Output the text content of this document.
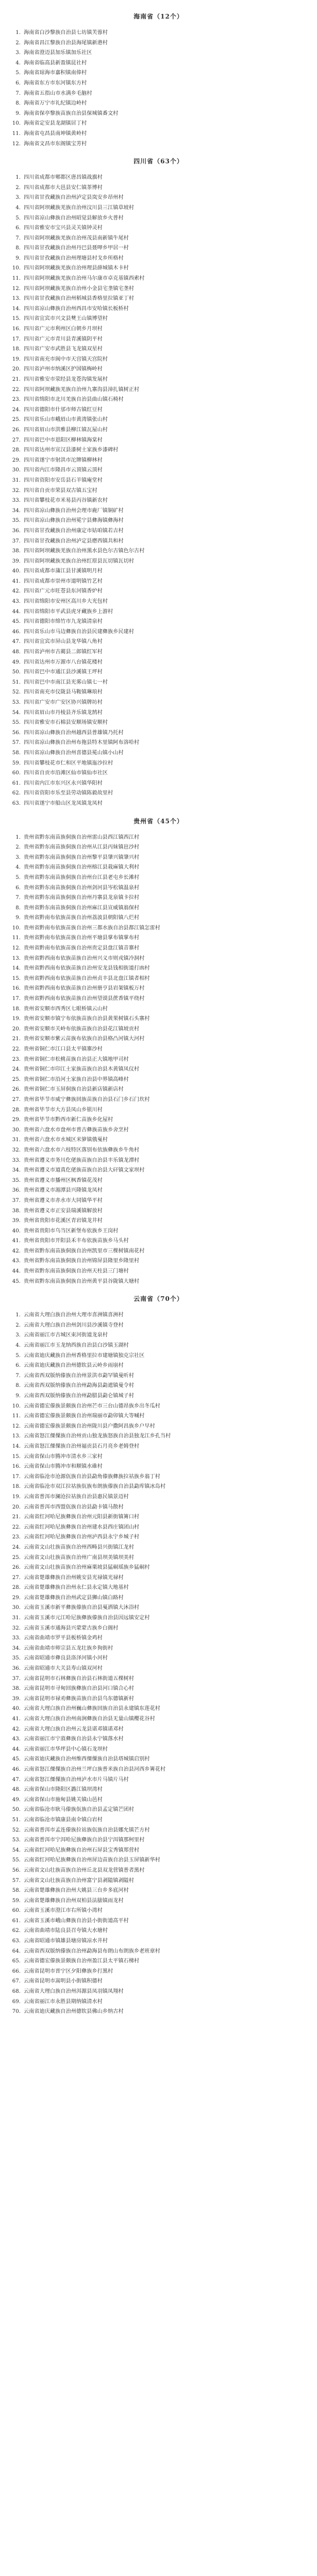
海南省（12个）
1. 海南省白沙黎族自治县七坊镇芙蓉村
2. 海南省昌江黎族自治县海尾镇新港村
3. 海南省澄迈县加乐镇加乐社区
4. 海南省临高县新盈镇昆社村
5. 海南省琼海市嘉积镇南俸村
6. 海南省东方市东河镇东方村
7. 海南省五指山市水满乡毛脑村
8. 海南省万宁市礼纪镇边岭村
9. 海南省保亭黎族苗族自治县保城镇番文村
10. 海南省定安县龙湖镇居丁村
11. 海南省屯昌县南坤镇黄岭村
12. 海南省文昌市东阁镇宝芳村
四川省（63个）
1. 四川省成都市郫都区唐昌镇战旗村
2. 四川省成都市大邑县安仁镇茶博村
3. 四川省甘孜藏族自治州泸定县岚安乡昂州村
4. 四川省阿坝藏族羌族自治州汶川县三江镇草坡村
5. 四川省凉山彝族自治州昭觉县解放乡火普村
6. 四川省雅安市宝兴县灵关镇钟灵村
7. 四川省阿坝藏族羌族自治州茂县南新镇牛尾村
8. 四川省甘孜藏族自治州丹巴县聂呷乡甲居一村
9. 四川省甘孜藏族自治州理塘县村戈乡所格村
10. 四川省阿坝藏族羌族自治州理县薛城镇木卡村
11. 四川省阿坝藏族羌族自治州马尔康市卓克基镇西索村
12. 四川省阿坝藏族羌族自治州小金县宅垄镇宅垄村
13. 四川省甘孜藏族自治州稻城县香格里拉镇亚丁村
14. 四川省凉山彝族自治州西昌市安哈镇长板桥村
15. 四川省宜宾市兴文县僰王山镇博望村
16. 四川省广元市利州区白朝乡月坝村
17. 四川省广元市青川县青溪镇阴平村
18. 四川省广安市武胜县飞龙镇双星村
19. 四川省南充市阆中市天宫镇天宫院村
20. 四川省泸州市纳溪区护国镇梅岭村
21. 四川省雅安市荥经县龙苍沟镇发展村
22. 四川省阿坝藏族羌族自治州九寨沟县漳扎镇树正村
23. 四川省绵阳市北川羌族自治县曲山镇石椅村
24. 四川省德阳市什邡市师古镇红豆村
25. 四川省乐山市峨眉山市黄湾镇张山村
26. 四川省眉山市洪雅县柳江镇瓦屋山村
27. 四川省巴中市恩阳区柳林镇海棠村
28. 四川省达州市宣汉县漆树土家族乡漆碑村
29. 四川省遂宁市射洪市沱牌镇柳林村
30. 四川省内江市隆昌市云顶镇云顶村
31. 四川省资阳市安岳县石羊镇庵堂村
32. 四川省自贡市荣县双古镇五宝村
33. 四川省攀枝花市米易县丙谷镇新农村
34. 四川省凉山彝族自治州会理市鹿厂镇铜矿村
35. 四川省凉山彝族自治州冕宁县彝海镇彝海村
36. 四川省甘孜藏族自治州康定市姑咱镇若吉村
37. 四川省甘孜藏族自治州泸定县磨西镇共和村
38. 四川省阿坝藏族羌族自治州黑水县色尔古镇色尔古村
39. 四川省阿坝藏族羌族自治州红原县瓦切镇瓦切村
40. 四川省成都市蒲江县甘溪镇明月村
41. 四川省成都市崇州市道明镇竹艺村
42. 四川省广元市旺苍县东河镇香炉村
43. 四川省绵阳市安州区高川乡大光包村
44. 四川省绵阳市平武县虎牙藏族乡上游村
45. 四川省德阳市绵竹市九龙镇清泉村
46. 四川省乐山市马边彝族自治县民建彝族乡民建村
47. 四川省宜宾市屏山县龙华镇八角村
48. 四川省泸州市古蔺县二郎镇红军村
49. 四川省达州市万源市八台镇花楼村
50. 四川省巴中市通江县沙溪镇王坪村
51. 四川省巴中市南江县光雾山镇七一村
52. 四川省南充市仪陇县马鞍镇琳琅村
53. 四川省广安市广安区协兴镇牌坊村
54. 四川省眉山市丹棱县齐乐镇龙鹄村
55. 四川省雅安市石棉县安顺场镇安顺村
56. 四川省凉山彝族自治州越西县普雄镇乃托村
57. 四川省凉山彝族自治州布拖县特木里镇阿布洛哈村
58. 四川省凉山彝族自治州喜德县冕山镇小山村
59. 四川省攀枝花市仁和区平地镇迤沙拉村
60. 四川省自贡市沿滩区仙市镇仙市社区
61. 四川省内江市东兴区永兴镇华阳村
62. 四川省资阳市乐至县劳动镇陈毅故里村
63. 四川省遂宁市船山区龙凤镇龙凤村
贵州省（45个）
1. 贵州省黔东南苗族侗族自治州雷山县西江镇西江村
2. 贵州省黔东南苗族侗族自治州从江县丙妹镇岜沙村
3. 贵州省黔东南苗族侗族自治州黎平县肇兴镇肇兴村
4. 贵州省黔东南苗族侗族自治州榕江县栽麻镇大利村
5. 贵州省黔东南苗族侗族自治州台江县老屯乡长滩村
6. 贵州省黔东南苗族侗族自治州剑河县岑松镇温泉村
7. 贵州省黔东南苗族侗族自治州丹寨县龙泉镇卡拉村
8. 贵州省黔东南苗族侗族自治州麻江县宣威镇翁保村
9. 贵州省黔南布依族苗族自治州荔波县朝阳镇八烂村
10. 贵州省黔南布依族苗族自治州三都水族自治县都江镇怎雷村
11. 贵州省黔南布依族苗族自治州平塘县掌布镇掌布村
12. 贵州省黔南布依族苗族自治州贵定县盘江镇音寨村
13. 贵州省黔西南布依族苗族自治州兴义市则戎镇冷洞村
14. 贵州省黔西南布依族苗族自治州安龙县钱相街道打凼村
15. 贵州省黔西南布依族苗族自治州贞丰县北盘江镇者相村
16. 贵州省黔西南布依族苗族自治州册亨县岩架镇板万村
17. 贵州省黔西南布依族苗族自治州望谟县蔗香镇平绕村
18. 贵州省安顺市西秀区七眼桥镇云山村
19. 贵州省安顺市镇宁布依族苗族自治县黄果树镇石头寨村
20. 贵州省安顺市关岭布依族苗族自治县花江镇坡贡村
21. 贵州省安顺市紫云苗族布依族自治县格凸河镇大河村
22. 贵州省铜仁市江口县太平镇寨沙村
23. 贵州省铜仁市松桃苗族自治县正大镇地甲司村
24. 贵州省铜仁市印江土家族苗族自治县木黄镇凤仪村
25. 贵州省铜仁市沿河土家族自治县中界镇高峰村
26. 贵州省铜仁市玉屏侗族自治县新店镇新店村
27. 贵州省毕节市威宁彝族回族苗族自治县石门乡石门坎村
28. 贵州省毕节市大方县凤山乡银川村
29. 贵州省毕节市黔西市新仁苗族乡化屋村
30. 贵州省六盘水市盘州市普古彝族苗族乡舍烹村
31. 贵州省六盘水市水城区米箩镇俄戛村
32. 贵州省六盘水市六枝特区落别布依族彝族乡牛角村
33. 贵州省遵义市务川仡佬族苗族自治县丰乐镇龙潭村
34. 贵州省遵义市道真仡佬族苗族自治县大矸镇文家坝村
35. 贵州省遵义市播州区枫香镇花茂村
36. 贵州省遵义市湄潭县兴隆镇龙凤村
37. 贵州省遵义市赤水市大同镇华平村
38. 贵州省遵义市正安县瑞溪镇解放村
39. 贵州省贵阳市花溪区青岩镇龙井村
40. 贵州省贵阳市乌当区新堡布依族乡王岗村
41. 贵州省贵阳市开阳县禾丰布依族苗族乡马头村
42. 贵州省黔东南苗族侗族自治州凯里市三棵树镇南花村
43. 贵州省黔东南苗族侗族自治州锦屏县隆里乡隆里村
44. 贵州省黔东南苗族侗族自治州天柱县三门塘村
45. 贵州省黔东南苗族侗族自治州黄平县谷陇镇大塘村
云南省（70个）
1. 云南省大理白族自治州大理市喜洲镇喜洲村
2. 云南省大理白族自治州剑川县沙溪镇寺登村
3. 云南省丽江市古城区束河街道龙泉村
4. 云南省丽江市玉龙纳西族自治县白沙镇玉湖村
5. 云南省迪庆藏族自治州香格里拉市建塘镇独克宗社区
6. 云南省迪庆藏族自治州德钦县云岭乡雨崩村
7. 云南省西双版纳傣族自治州景洪市勐罕镇曼听村
8. 云南省西双版纳傣族自治州勐海县勐遮镇曼令村
9. 云南省西双版纳傣族自治州勐腊县勐仑镇城子村
10. 云南省德宏傣族景颇族自治州芒市三台山德昂族乡出冬瓜村
11. 云南省德宏傣族景颇族自治州瑞丽市勐卯镇大等喊村
12. 云南省德宏傣族景颇族自治州陇川县户撒阿昌族乡户早村
13. 云南省怒江傈僳族自治州贡山独龙族怒族自治县独龙江乡孔当村
14. 云南省怒江傈僳族自治州福贡县石月亮乡老姆登村
15. 云南省保山市腾冲市清水乡三家村
16. 云南省保山市腾冲市和顺镇水碓村
17. 云南省临沧市沧源佤族自治县勐角傣族彝族拉祜族乡翁丁村
18. 云南省临沧市双江拉祜族佤族布朗族傣族自治县勐库镇冰岛村
19. 云南省普洱市澜沧拉祜族自治县惠民镇景迈村
20. 云南省普洱市西盟佤族自治县勐卡镇马散村
21. 云南省红河哈尼族彝族自治州元阳县新街镇箐口村
22. 云南省红河哈尼族彝族自治州建水县西庄镇团山村
23. 云南省红河哈尼族彝族自治州泸西县永宁乡城子村
24. 云南省文山壮族苗族自治州西畴县兴街镇江龙村
25. 云南省文山壮族苗族自治州广南县坝美镇坝美村
26. 云南省文山壮族苗族自治州麻栗坡县猛硐瑶族乡猛硐村
27. 云南省楚雄彝族自治州姚安县光禄镇光禄村
28. 云南省楚雄彝族自治州永仁县永定镇大地基村
29. 云南省楚雄彝族自治州武定县狮山镇白路村
30. 云南省玉溪市新平彝族傣族自治县戛洒镇大沐浴村
31. 云南省玉溪市元江哈尼族彝族傣族自治县因远镇安定村
32. 云南省玉溪市通海县兴蒙蒙古族乡白阁村
33. 云南省曲靖市罗平县板桥镇金鸡村
34. 云南省曲靖市师宗县五龙壮族乡狗街村
35. 云南省昭通市彝良县洛泽河镇小河村
36. 云南省昭通市大关县寿山镇双河村
37. 云南省昆明市石林彝族自治县石林街道五棵树村
38. 云南省昆明市寻甸回族彝族自治县河口镇合心村
39. 云南省昆明市禄劝彝族苗族自治县乌东德镇新村
40. 云南省大理白族自治州巍山彝族回族自治县永建镇东莲花村
41. 云南省大理白族自治州南涧彝族自治县无量山镇樱花谷村
42. 云南省大理白族自治州云龙县诺邓镇诺邓村
43. 云南省丽江市宁蒗彝族自治县永宁镇落水村
44. 云南省丽江市华坪县中心镇石龙坝村
45. 云南省迪庆藏族自治州维西傈僳族自治县塔城镇启别村
46. 云南省怒江傈僳族自治州兰坪白族普米族自治县河西乡箐花村
47. 云南省怒江傈僳族自治州泸水市片马镇片马村
48. 云南省保山市隆阳区潞江镇坝湾村
49. 云南省保山市施甸县姚关镇山邑村
50. 云南省临沧市耿马傣族佤族自治县孟定镇芒团村
51. 云南省临沧市镇康县南伞镇白岩村
52. 云南省普洱市孟连傣族拉祜族佤族自治县娜允镇芒方村
53. 云南省普洱市宁洱哈尼族彝族自治县宁洱镇那柯里村
54. 云南省红河哈尼族彝族自治州石屏县宝秀镇郑营村
55. 云南省红河哈尼族彝族自治州屏边苗族自治县玉屏镇新华村
56. 云南省文山壮族苗族自治州丘北县双龙营镇普者黑村
57. 云南省文山壮族苗族自治州富宁县剥隘镇剥隘村
58. 云南省楚雄彝族自治州大姚县三台乡多底河村
59. 云南省楚雄彝族自治州双柏县法脿镇雨龙村
60. 云南省玉溪市澄江市右所镇小湾村
61. 云南省玉溪市峨山彝族自治县小街街道高平村
62. 云南省曲靖市陆良县召夸镇大水塘村
63. 云南省昭通市镇雄县塘房镇凉水井村
64. 云南省西双版纳傣族自治州勐海县布朗山布朗族乡老班章村
65. 云南省德宏傣族景颇族自治州盈江县太平镇石梯村
66. 云南省昆明市晋宁区夕阳彝族乡打黑村
67. 云南省昆明市嵩明县小街镇积德村
68. 云南省大理白族自治州洱源县凤羽镇凤翔村
69. 云南省丽江市永胜县期纳镇清水村
70. 云南省迪庆藏族自治州德钦县佛山乡纳古村
